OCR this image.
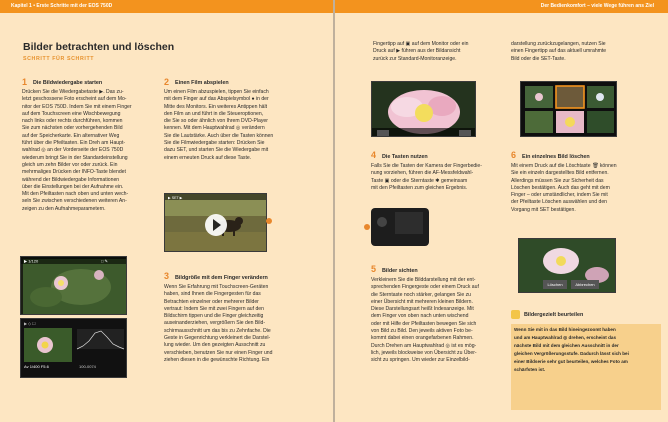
Kapitel 1 • Erste Schritte mit der EOS 750D
Bilder betrachten und löschen
SCHRITT FÜR SCHRITT
1 Die Bildwiedergabe starten
Drücken Sie die Wiedergabetaste ▶. Das zu-
letzt geschossene Foto erscheint auf dem Mo-
nitor der EOS 750D. Indem Sie mit einem Finger
auf dem Touchscreen eine Wischbewegung
nach links oder rechts durchführen, kommen
Sie zum nächsten oder vorhergehenden Bild
auf der Speicherkarte. Ein alternativer Weg
führt über die Pfeiltasten. Ein Dreh am Haupt-
wahlrad ◎ an der Vorderseite der EOS 750D
wiederum bringt Sie in der Standardeinstellung
gleich um zehn Bilder vor oder zurück. Ein
mehrmaliges Drücken der INFO-Taste blendet
während der Bildwiedergabe Informationen
über die Einstellungen bei der Aufnahme ein.
Mit den Pfeiltasten nach oben und unten wech-
seln Sie zwischen verschiedenen weiteren An-
zeigen zu den Aufnahmeparametern.
▶ 1/120	□ ✎
▶ ◇ ☐
Av 1/400 F5.6	100-0074
2 Einen Film abspielen
Um einen Film abzuspielen, tippen Sie einfach
mit dem Finger auf das Abspielsymbol ● in der
Mitte des Monitors. Ein weiteres Antippen hält
den Film an und führt in die Steueroptionen,
die Sie so oder ähnlich von Ihrem DVD-Player
kennen. Mit dem Hauptwahlrad ◎ verändern
Sie die Lautstärke. Auch über die Tasten können
Sie die Filmwiedergabe starten: Drücken Sie
dazu SET, und starten Sie die Wiedergabe mit
einem erneuten Druck auf diese Taste.
▶ SET ▶
3 Bildgröße mit dem Finger verändern
Wenn Sie Erfahrung mit Touchscreen-Geräten
haben, sind Ihnen die Fingergesten für das
Betrachten einzelner oder mehrerer Bilder
vertraut: Indem Sie mit zwei Fingern auf den
Bildschirm tippen und die Finger gleichzeitig
auseinanderziehen, vergrößern Sie den Bild-
schirmausschnitt um das bis zu Zehnfache. Die
Geste in Gegenrichtung verkleinert die Darstel-
lung wieder. Um den gezeigten Ausschnitt zu
verschieben, benutzen Sie nur einen Finger und
ziehen diesen in die gewünschte Richtung. Ein
Der Bedienkomfort – viele Wege führen ans Ziel
Fingertipp auf ▣ auf dem Monitor oder ein
Druck auf ▶ führen aus der Bildansicht
zurück zur Standard-Monitoranzeige.
4 Die Tasten nutzen
Falls Sie die Tasten der Kamera der Fingerbedie-
nung vorziehen, führen die AF-Messfeldwahl-
Taste ▣ oder die Sterntaste ✱ gemeinsam
mit den Pfeiltasten zum gleichen Ergebnis.
5 Bilder sichten
Verkleinern Sie die Bilddarstellung mit der ent-
sprechenden Fingergeste oder einem Druck auf
die Sterntaste noch stärker, gelangen Sie zu
einer Übersicht mit mehreren kleinen Bildern.
Diese Darstellungsart heißt Indexanzeige. Mit
dem Finger von oben nach unten wischend
oder mit Hilfe der Pfeiltasten bewegen Sie sich
von Bild zu Bild. Den jeweils aktiven Foto be-
kommt dabei einen orangefarbenen Rahmen.
Durch Drehen am Hauptwahlrad ◎ ist es mög-
lich, jeweils blockweise von Übersicht zu Über-
sicht zu springen. Um wieder zur Einzelbild-
darstellung zurückzugelangen, nutzen Sie
einen Fingertipp auf das aktuell umrahmte
Bild oder die SET-Taste.
6 Ein einzelnes Bild löschen
Mit einem Druck auf die Löschtaste 🗑 können
Sie ein einzeln dargestelltes Bild entfernen.
Allerdings müssen Sie zur Sicherheit das
Löschen bestätigen. Auch das geht mit dem
Finger – oder umständlicher, indem Sie mit
der Pfeiltaste Löschen auswählen und den
Vorgang mit SET bestätigen.
Löschen	Abbrechen
Bildergezielt beurteilen
Wenn Sie mit in das Bild hineingezoomt haben
und am Hauptwahlrad ◎ drehen, erscheint das
nächste Bild mit dem gleichen Ausschnitt in der
gleichen Vergrößerungsstufe. Dadurch lässt sich bei
einer Bildserie sehr gut beurteilen, welches Foto am
schärfsten ist.
